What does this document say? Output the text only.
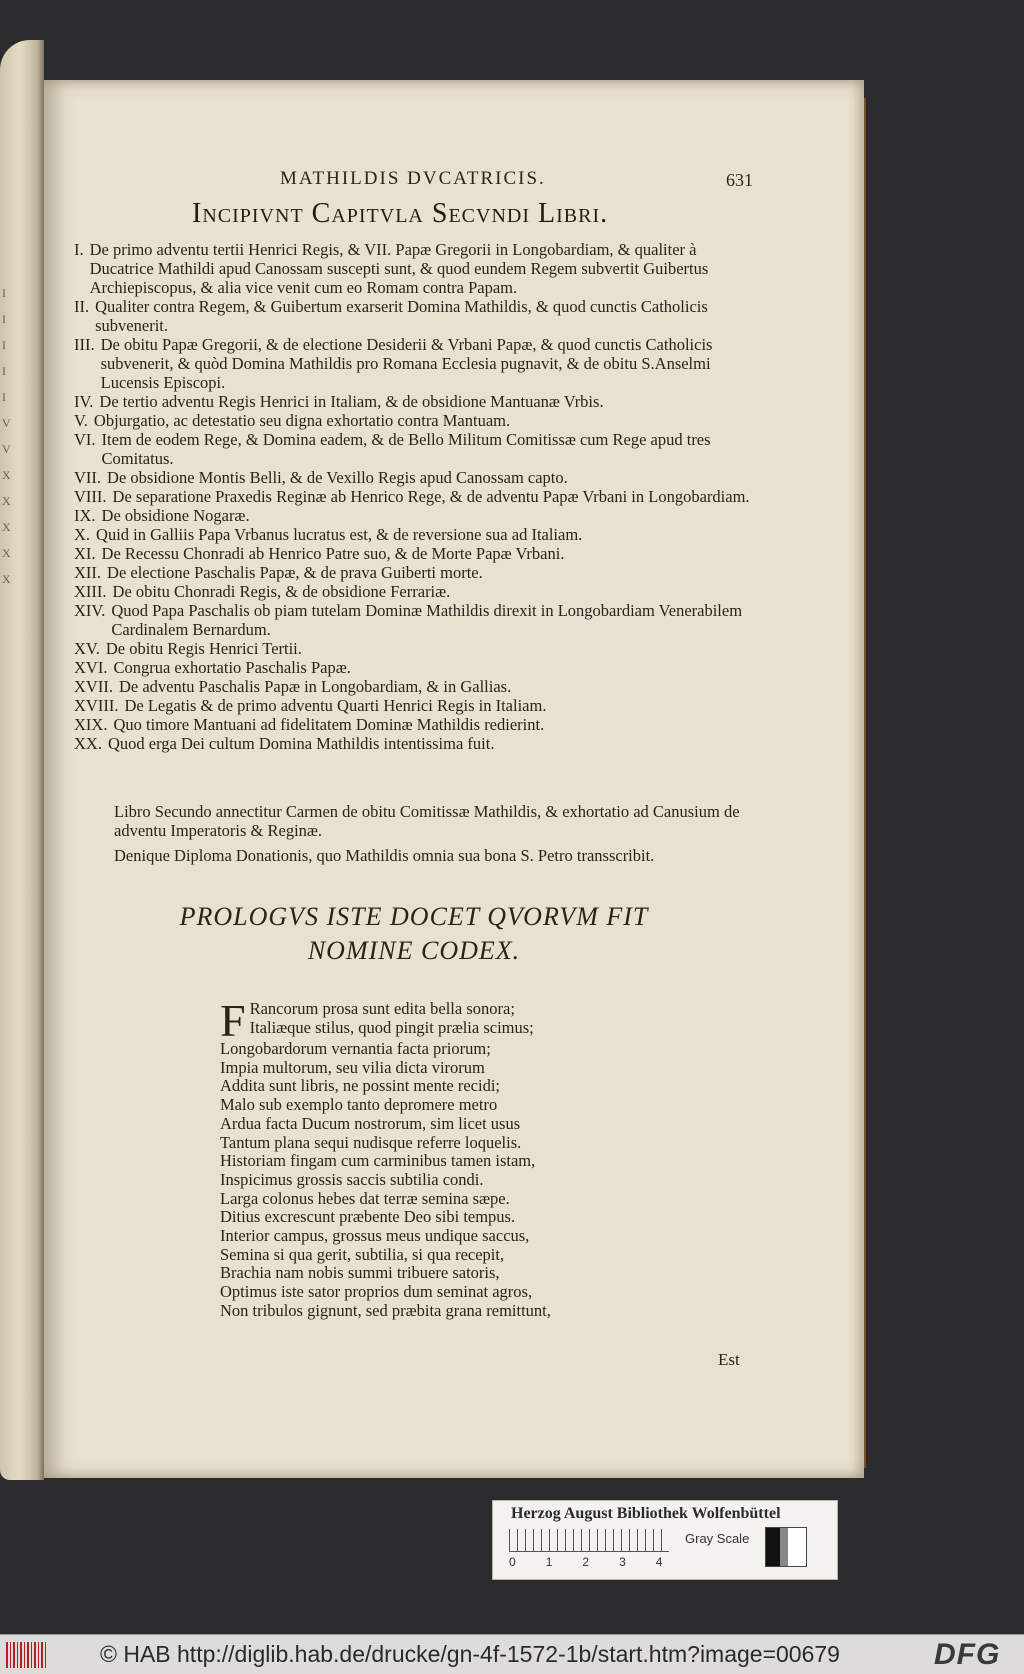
I
I
I
I
I
V
V
X
X
X
X
X
MATHILDIS DVCATRICIS.	631
Incipivnt Capitvla Secvndi Libri.
I. De primo adventu tertii Henrici Regis, & VII. Papæ Gregorii in Longobardiam, & qualiter à Ducatrice Mathildi apud Canossam suscepti sunt, & quod eundem Regem subvertit Guibertus Archiepiscopus, & alia vice venit cum eo Romam contra Papam.
II. Qualiter contra Regem, & Guibertum exarserit Domina Mathildis, & quod cunctis Catholicis subvenerit.
III. De obitu Papæ Gregorii, & de electione Desiderii & Vrbani Papæ, & quod cunctis Catholicis subvenerit, & quòd Domina Mathildis pro Romana Ecclesia pugnavit, & de obitu S.Anselmi Lucensis Episcopi.
IV. De tertio adventu Regis Henrici in Italiam, & de obsidione Mantuanæ Vrbis.
V. Objurgatio, ac detestatio seu digna exhortatio contra Mantuam.
VI. Item de eodem Rege, & Domina eadem, & de Bello Militum Comitissæ cum Rege apud tres Comitatus.
VII. De obsidione Montis Belli, & de Vexillo Regis apud Canossam capto.
VIII. De separatione Praxedis Reginæ ab Henrico Rege, & de adventu Papæ Vrbani in Longobardiam.
IX. De obsidione Nogaræ.
X. Quid in Galliis Papa Vrbanus lucratus est, & de reversione sua ad Italiam.
XI. De Recessu Chonradi ab Henrico Patre suo, & de Morte Papæ Vrbani.
XII. De electione Paschalis Papæ, & de prava Guiberti morte.
XIII. De obitu Chonradi Regis, & de obsidione Ferrariæ.
XIV. Quod Papa Paschalis ob piam tutelam Dominæ Mathildis direxit in Longobardiam Venerabilem Cardinalem Bernardum.
XV. De obitu Regis Henrici Tertii.
XVI. Congrua exhortatio Paschalis Papæ.
XVII. De adventu Paschalis Papæ in Longobardiam, & in Gallias.
XVIII. De Legatis & de primo adventu Quarti Henrici Regis in Italiam.
XIX. Quo timore Mantuani ad fidelitatem Dominæ Mathildis redierint.
XX. Quod erga Dei cultum Domina Mathildis intentissima fuit.
Libro Secundo annectitur Carmen de obitu Comitissæ Mathildis, & exhortatio ad Canusium de adventu Imperatoris & Reginæ.
Denique Diploma Donationis, quo Mathildis omnia sua bona S. Petro transscribit.
PROLOGVS ISTE DOCET QVORVM FIT
NOMINE CODEX.
F Rancorum prosa sunt edita bella sonora;
Italiæque stilus, quod pingit prælia scimus;
Longobardorum vernantia facta priorum;
Impia multorum, seu vilia dicta virorum
Addita sunt libris, ne possint mente recidi;
Malo sub exemplo tanto depromere metro
Ardua facta Ducum nostrorum, sim licet usus
Tantum plana sequi nudisque referre loquelis.
Historiam fingam cum carminibus tamen istam,
Inspicimus grossis saccis subtilia condi.
Larga colonus hebes dat terræ semina sæpe.
Ditius excrescunt præbente Deo sibi tempus.
Interior campus, grossus meus undique saccus,
Semina si qua gerit, subtilia, si qua recepit,
Brachia nam nobis summi tribuere satoris,
Optimus iste sator proprios dum seminat agros,
Non tribulos gignunt, sed præbita grana remittunt,
Est
Herzog August Bibliothek Wolfenbüttel
0	1	2	3	4
Gray Scale
© HAB http://diglib.hab.de/drucke/gn-4f-1572-1b/start.htm?image=00679	DFG
